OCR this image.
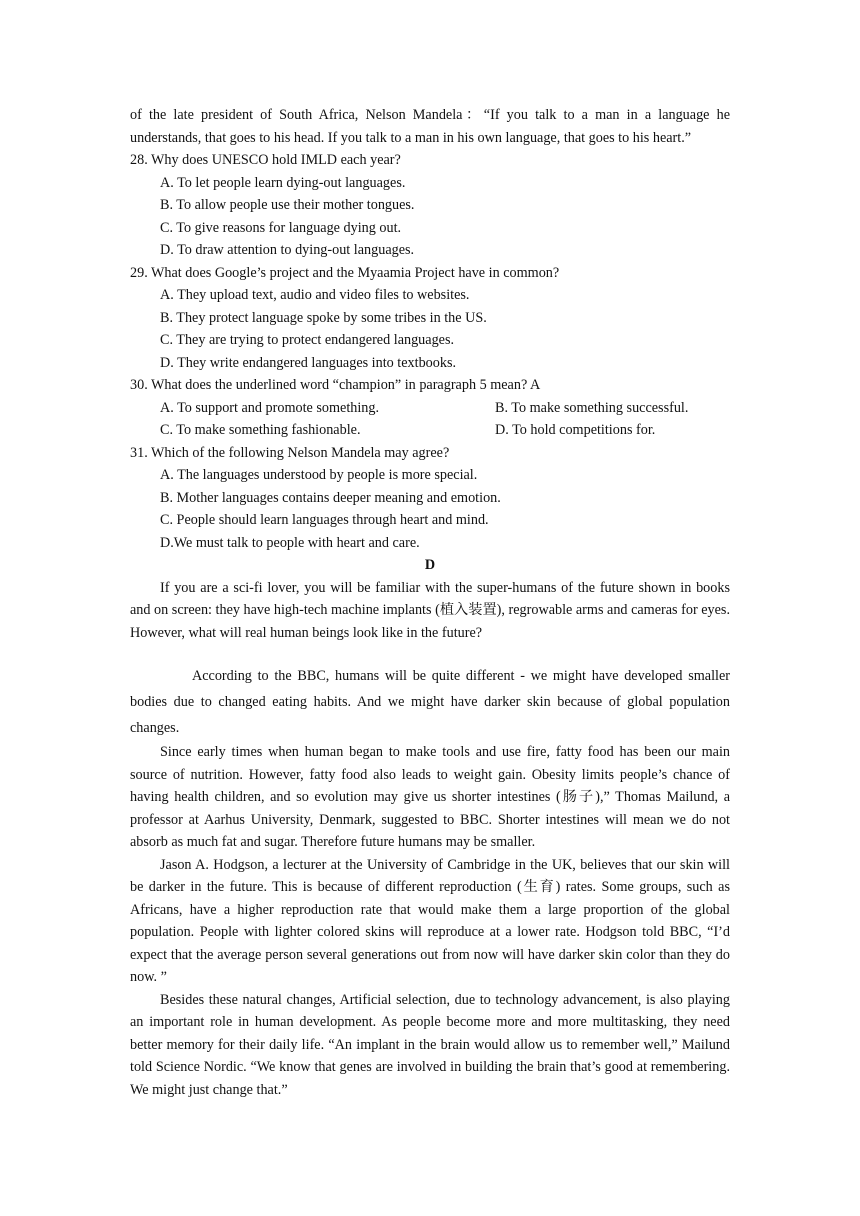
of the late president of South Africa, Nelson Mandela：“If you talk to a man in a language he understands, that goes to his head. If you talk to a man in his own language, that goes to his heart.”

28. Why does UNESCO hold IMLD each year?
A. To let people learn dying-out languages.
B. To allow people use their mother tongues.
C. To give reasons for language dying out.
D. To draw attention to dying-out languages.
29. What does Google’s project and the Myaamia Project have in common?
A. They upload text, audio and video files to websites.
B. They protect language spoke by some tribes in the US.
C. They are trying to protect endangered languages.
D. They write endangered languages into textbooks.
30. What does the underlined word “champion” in paragraph 5 mean? A
A. To support and promote something.	B. To make something successful.
C. To make something fashionable.	D. To hold competitions for.
31. Which of the following Nelson Mandela may agree?
A. The languages understood by people is more special.
B. Mother languages contains deeper meaning and emotion.
C. People should learn languages through heart and mind.
D.We must talk to people with heart and care.
D

If you are a sci-fi lover, you will be familiar with the super-humans of the future shown in books and on screen: they have high-tech machine implants (植入装置), regrowable arms and cameras for eyes. However, what will real human beings look like in the future?

According to the BBC, humans will be quite different - we might have developed smaller bodies due to changed eating habits. And we might have darker skin because of global population changes.

Since early times when human began to make tools and use fire, fatty food has been our main source of nutrition. However, fatty food also leads to weight gain. Obesity limits people’s chance of having health children, and so evolution may give us shorter intestines (肠子),” Thomas Mailund, a professor at Aarhus University, Denmark, suggested to BBC. Shorter intestines will mean we do not absorb as much fat and sugar. Therefore future humans may be smaller.

Jason A. Hodgson, a lecturer at the University of Cambridge in the UK, believes that our skin will be darker in the future. This is because of different reproduction (生育) rates. Some groups, such as Africans, have a higher reproduction rate that would make them a large proportion of the global population. People with lighter colored skins will reproduce at a lower rate. Hodgson told BBC, “I’d expect that the average person several generations out from now will have darker skin color than they do now. ”

Besides these natural changes, Artificial selection, due to technology advancement, is also playing an important role in human development. As people become more and more multitasking, they need better memory for their daily life. “An implant in the brain would allow us to remember well,” Mailund told Science Nordic. “We know that genes are involved in building the brain that’s good at remembering. We might just change that.”
